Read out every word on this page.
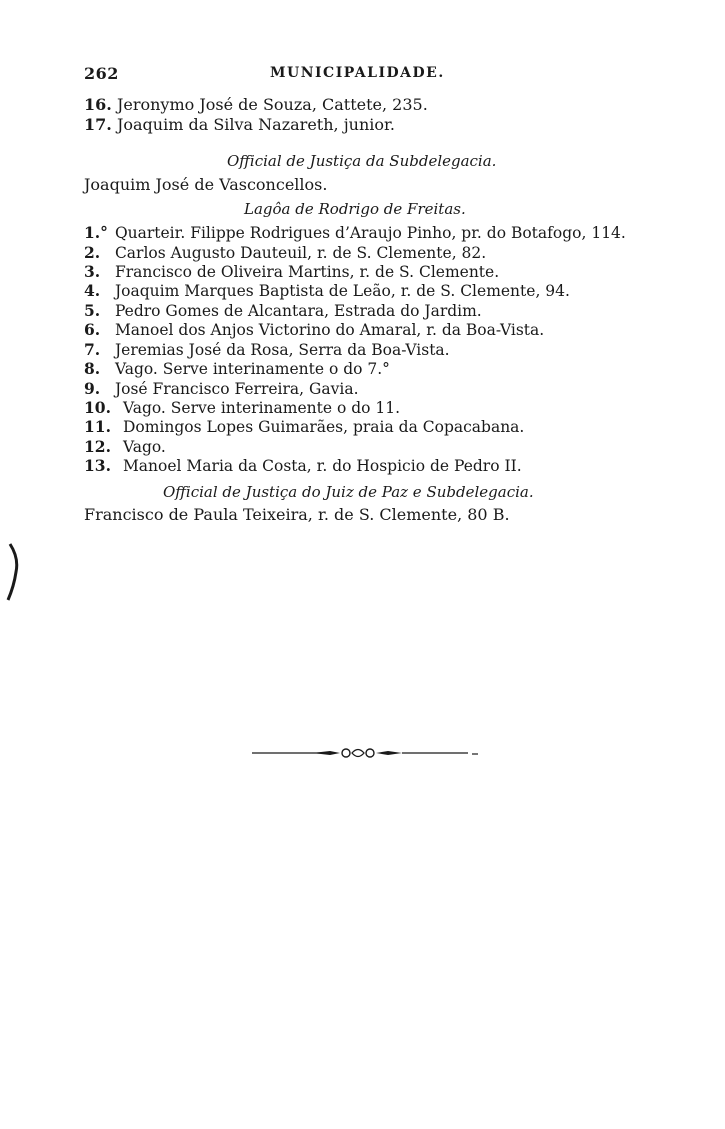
262	MUNICIPALIDADE.
16. Jeronymo José de Souza, Cattete, 235.
17. Joaquim da Silva Nazareth, junior.
Official de Justiça da Subdelegacia.
Joaquim José de Vasconcellos.
Lagôa de Rodrigo de Freitas.
1.° Quarteir. Filippe Rodrigues d’Araujo Pinho, pr. do Botafogo, 114.
2. Carlos Augusto Dauteuil, r. de S. Clemente, 82.
3. Francisco de Oliveira Martins, r. de S. Clemente.
4. Joaquim Marques Baptista de Leão, r. de S. Clemente, 94.
5. Pedro Gomes de Alcantara, Estrada do Jardim.
6. Manoel dos Anjos Victorino do Amaral, r. da Boa-Vista.
7. Jeremias José da Rosa, Serra da Boa-Vista.
8. Vago. Serve interinamente o do 7.°
9. José Francisco Ferreira, Gavia.
10. Vago. Serve interinamente o do 11.
11. Domingos Lopes Guimarães, praia da Copacabana.
12. Vago.
13. Manoel Maria da Costa, r. do Hospicio de Pedro II.
Official de Justiça do Juiz de Paz e Subdelegacia.
Francisco de Paula Teixeira, r. de S. Clemente, 80 B.
